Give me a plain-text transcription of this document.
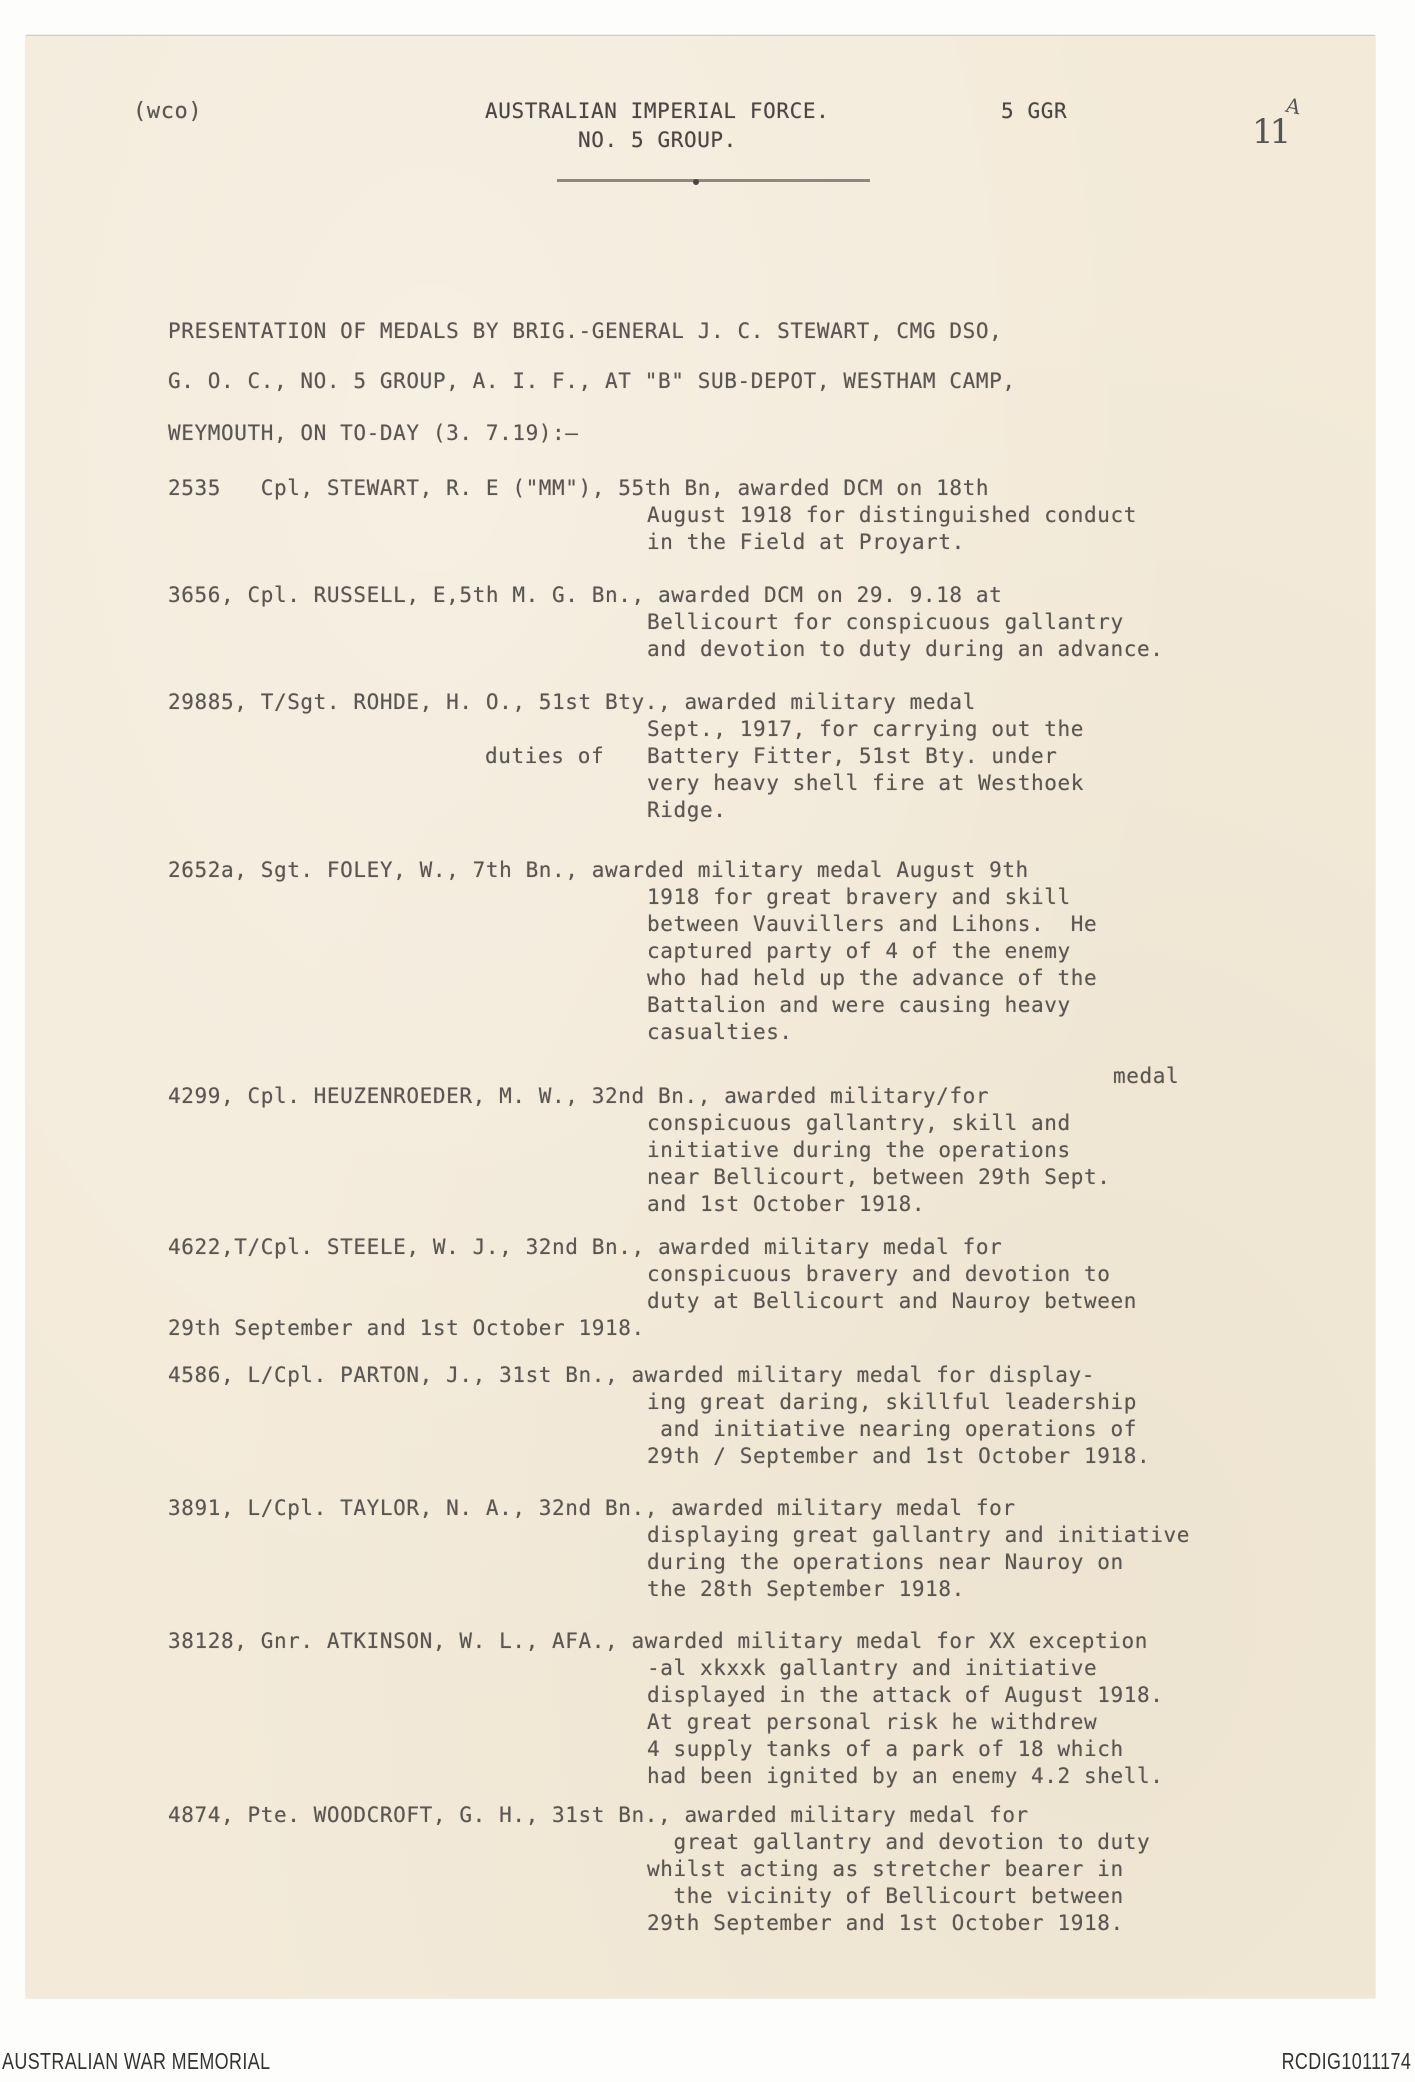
(wco)	AUSTRALIAN IMPERIAL FORCE.
NO. 5 GROUP.
5 GGR
11
A
PRESENTATION OF MEDALS BY BRIG.-GENERAL J. C. STEWART, CMG DSO,
G. O. C., NO. 5 GROUP, A. I. F., AT "B" SUB-DEPOT, WESTHAM CAMP,
WEYMOUTH, ON TO-DAY (3. 7.19):—
2535   Cpl, STEWART, R. E ("MM"), 55th Bn, awarded DCM on 18th
August 1918 for distinguished conduct
in the Field at Proyart.
3656, Cpl. RUSSELL, E,5th M. G. Bn., awarded DCM on 29. 9.18 at
Bellicourt for conspicuous gallantry
and devotion to duty during an advance.
29885, T/Sgt. ROHDE, H. O., 51st Bty., awarded military medal
Sept., 1917, for carrying out the
Battery Fitter, 51st Bty. under
very heavy shell fire at Westhoek
Ridge.
duties of
2652a, Sgt. FOLEY, W., 7th Bn., awarded military medal August 9th
1918 for great bravery and skill
between Vauvillers and Lihons.  He
captured party of 4 of the enemy
who had held up the advance of the
Battalion and were causing heavy
casualties.
4299, Cpl. HEUZENROEDER, M. W., 32nd Bn., awarded military/for
medal
conspicuous gallantry, skill and
initiative during the operations
near Bellicourt, between 29th Sept.
and 1st October 1918.
4622,T/Cpl. STEELE, W. J., 32nd Bn., awarded military medal for
conspicuous bravery and devotion to
duty at Bellicourt and Nauroy between
29th September and 1st October 1918.
4586, L/Cpl. PARTON, J., 31st Bn., awarded military medal for display-
ing great daring, skillful leadership
and initiative nearing operations of
29th / September and 1st October 1918.
3891, L/Cpl. TAYLOR, N. A., 32nd Bn., awarded military medal for
displaying great gallantry and initiative
during the operations near Nauroy on
the 28th September 1918.
38128, Gnr. ATKINSON, W. L., AFA., awarded military medal for XX exception
-al xkxxk gallantry and initiative
displayed in the attack of August 1918.
At great personal risk he withdrew
4 supply tanks of a park of 18 which
had been ignited by an enemy 4.2 shell.
4874, Pte. WOODCROFT, G. H., 31st Bn., awarded military medal for
great gallantry and devotion to duty
whilst acting as stretcher bearer in
the vicinity of Bellicourt between
29th September and 1st October 1918.
AUSTRALIAN WAR MEMORIAL	RCDIG1011174
